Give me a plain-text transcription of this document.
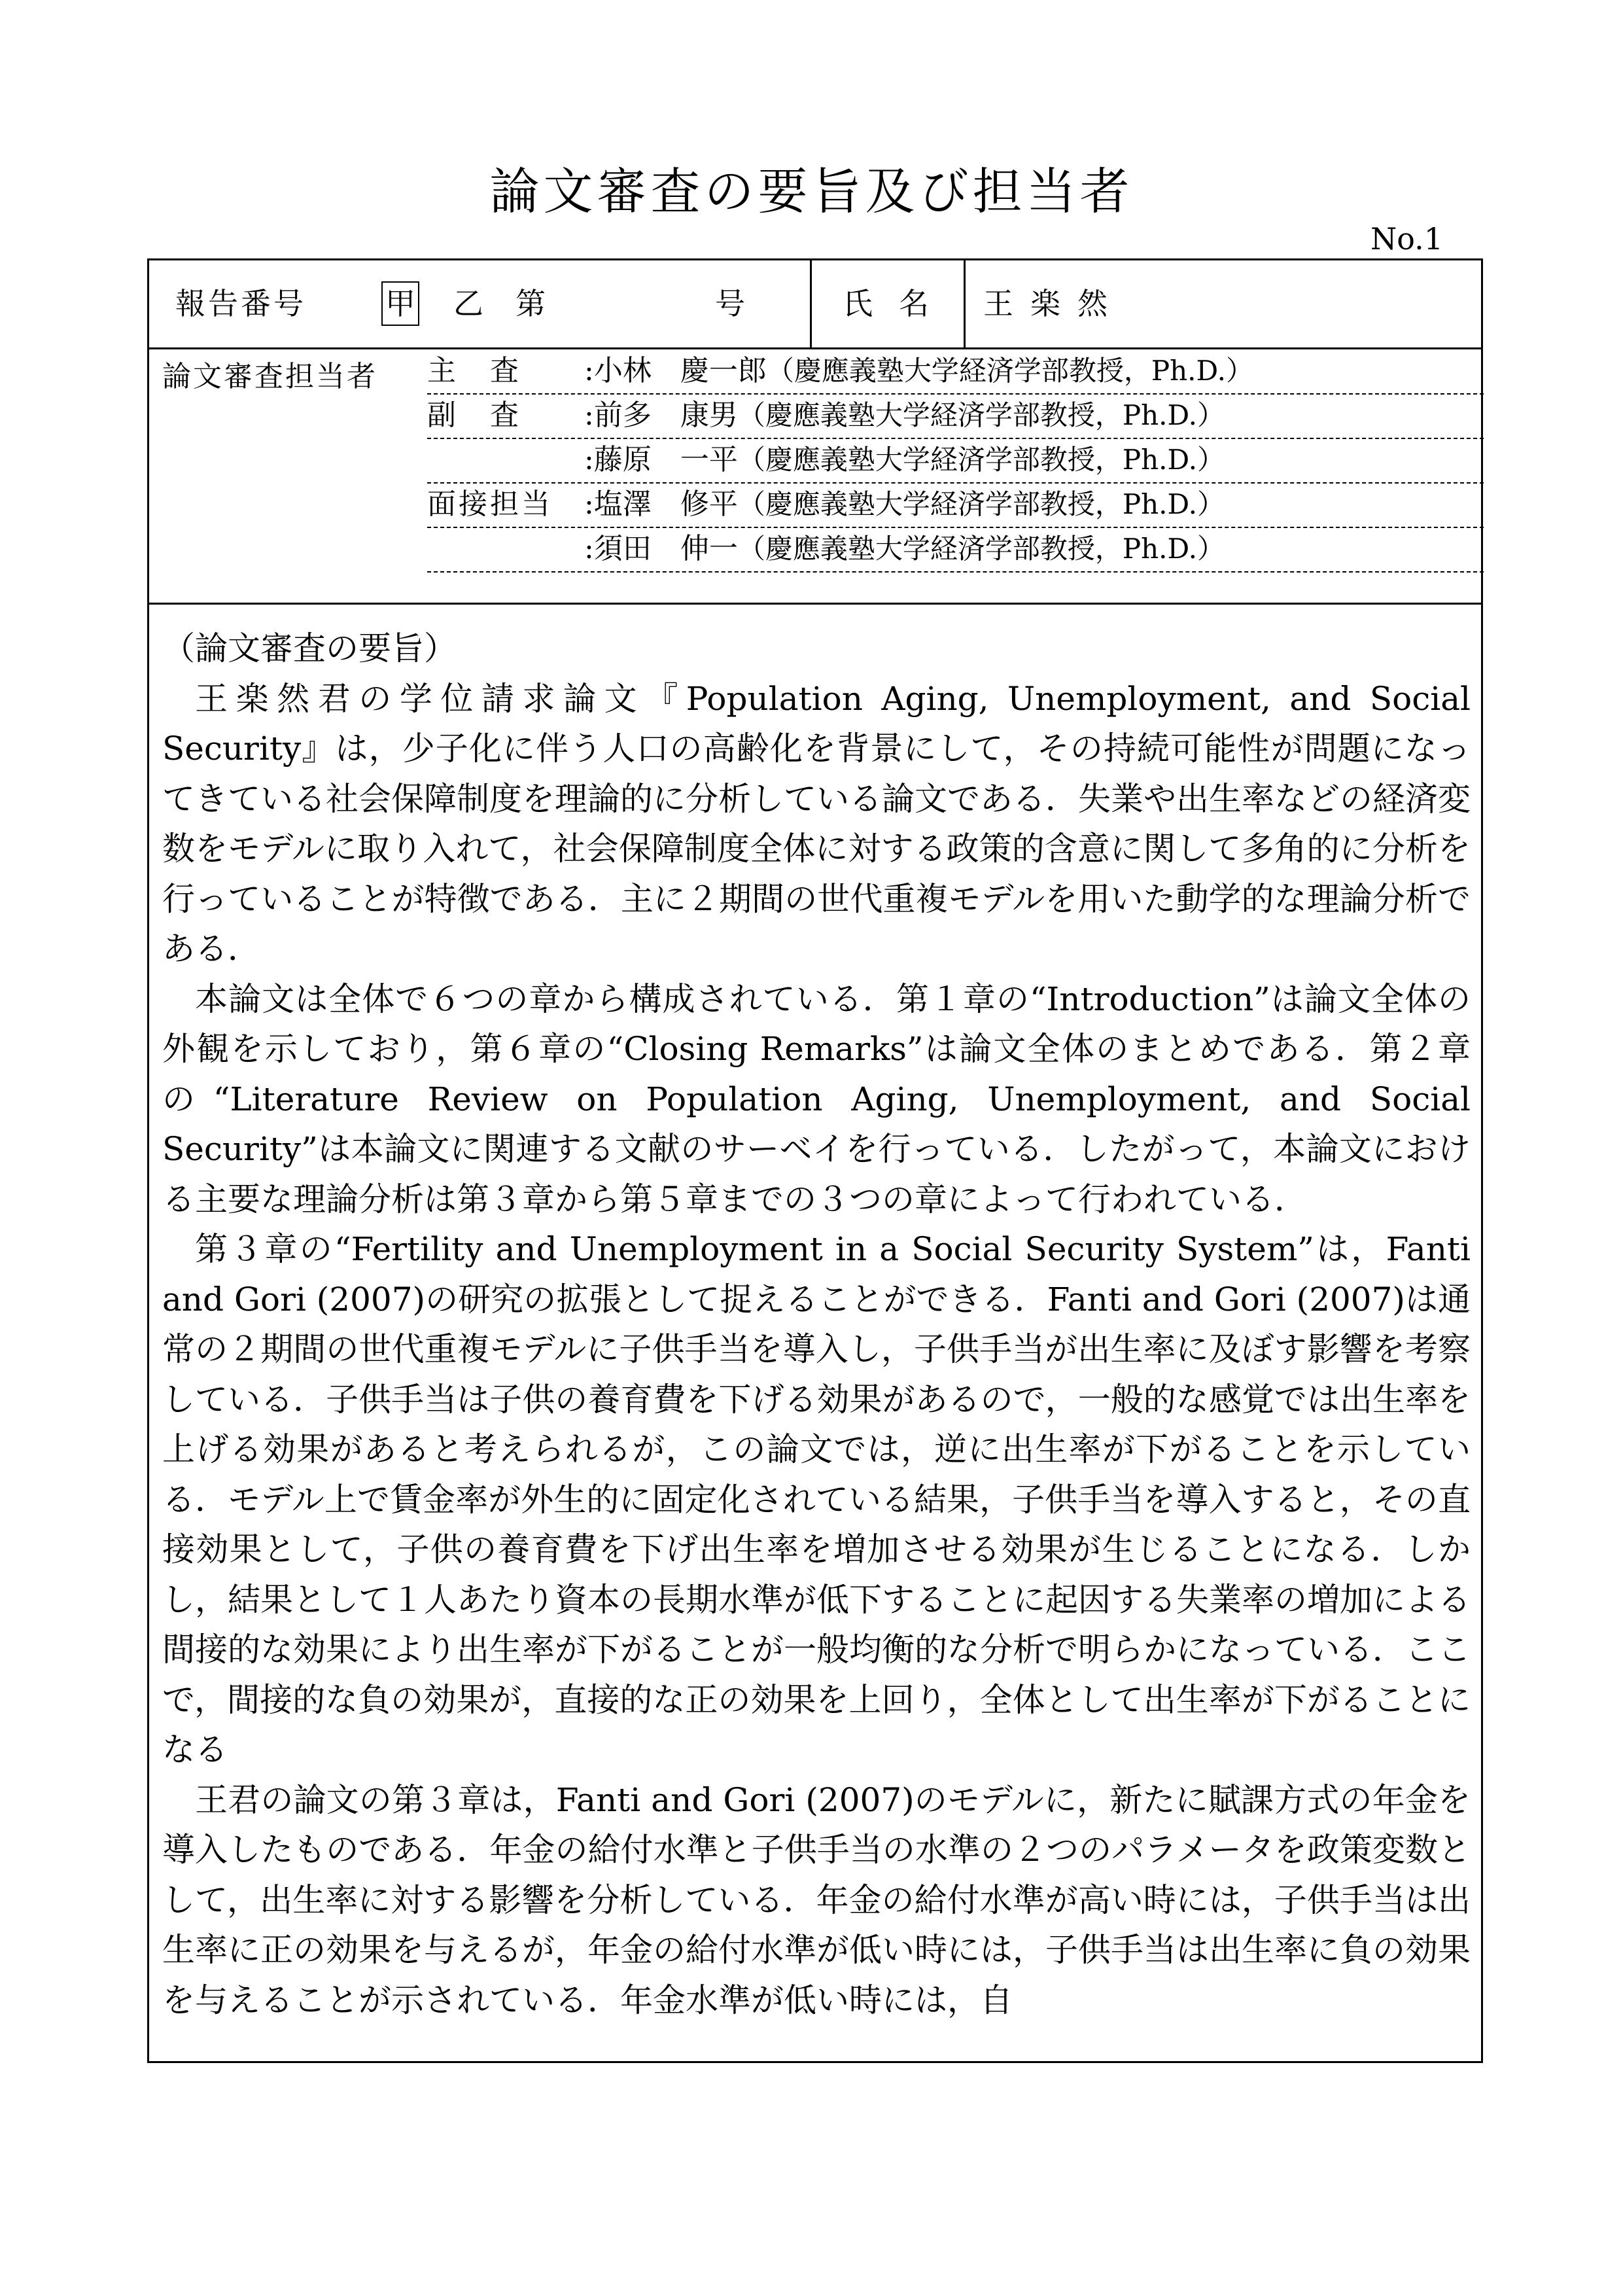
論文審査の要旨及び担当者
No.1
報告番号	甲 乙 第	号	氏名 王楽然
論文審査担当者 主　査	:小林　慶一郎（慶應義塾大学経済学部教授，Ph.D.）
副　査	:前多　康男（慶應義塾大学経済学部教授，Ph.D.）
:藤原　一平（慶應義塾大学経済学部教授，Ph.D.）
面接担当 :塩澤　修平（慶應義塾大学経済学部教授，Ph.D.）
:須田　伸一（慶應義塾大学経済学部教授，Ph.D.）

（論文審査の要旨）

王楽然君の学位請求論文『Population Aging, Unemployment, and Social Security』は，少子化に伴う人口の高齢化を背景にして，その持続可能性が問題になってきている社会保障制度を理論的に分析している論文である．失業や出生率などの経済変数をモデルに取り入れて，社会保障制度全体に対する政策的含意に関して多角的に分析を行っていることが特徴である．主に２期間の世代重複モデルを用いた動学的な理論分析である．

本論文は全体で６つの章から構成されている．第１章の“Introduction”は論文全体の外観を示しており，第６章の“Closing Remarks”は論文全体のまとめである．第２章の“Literature Review on Population Aging, Unemployment, and Social Security”は本論文に関連する文献のサーベイを行っている．したがって，本論文における主要な理論分析は第３章から第５章までの３つの章によって行われている．

第３章の“Fertility and Unemployment in a Social Security System”は，Fanti and Gori (2007)の研究の拡張として捉えることができる．Fanti and Gori (2007)は通常の２期間の世代重複モデルに子供手当を導入し，子供手当が出生率に及ぼす影響を考察している．子供手当は子供の養育費を下げる効果があるので，一般的な感覚では出生率を上げる効果があると考えられるが，この論文では，逆に出生率が下がることを示している．モデル上で賃金率が外生的に固定化されている結果，子供手当を導入すると，その直接効果として，子供の養育費を下げ出生率を増加させる効果が生じることになる．しかし，結果として１人あたり資本の長期水準が低下することに起因する失業率の増加による間接的な効果により出生率が下がることが一般均衡的な分析で明らかになっている．ここで，間接的な負の効果が，直接的な正の効果を上回り，全体として出生率が下がることになる

王君の論文の第３章は，Fanti and Gori (2007)のモデルに，新たに賦課方式の年金を導入したものである．年金の給付水準と子供手当の水準の２つのパラメータを政策変数として，出生率に対する影響を分析している．年金の給付水準が高い時には，子供手当は出生率に正の効果を与えるが，年金の給付水準が低い時には，子供手当は出生率に負の効果を与えることが示されている．年金水準が低い時には，自
